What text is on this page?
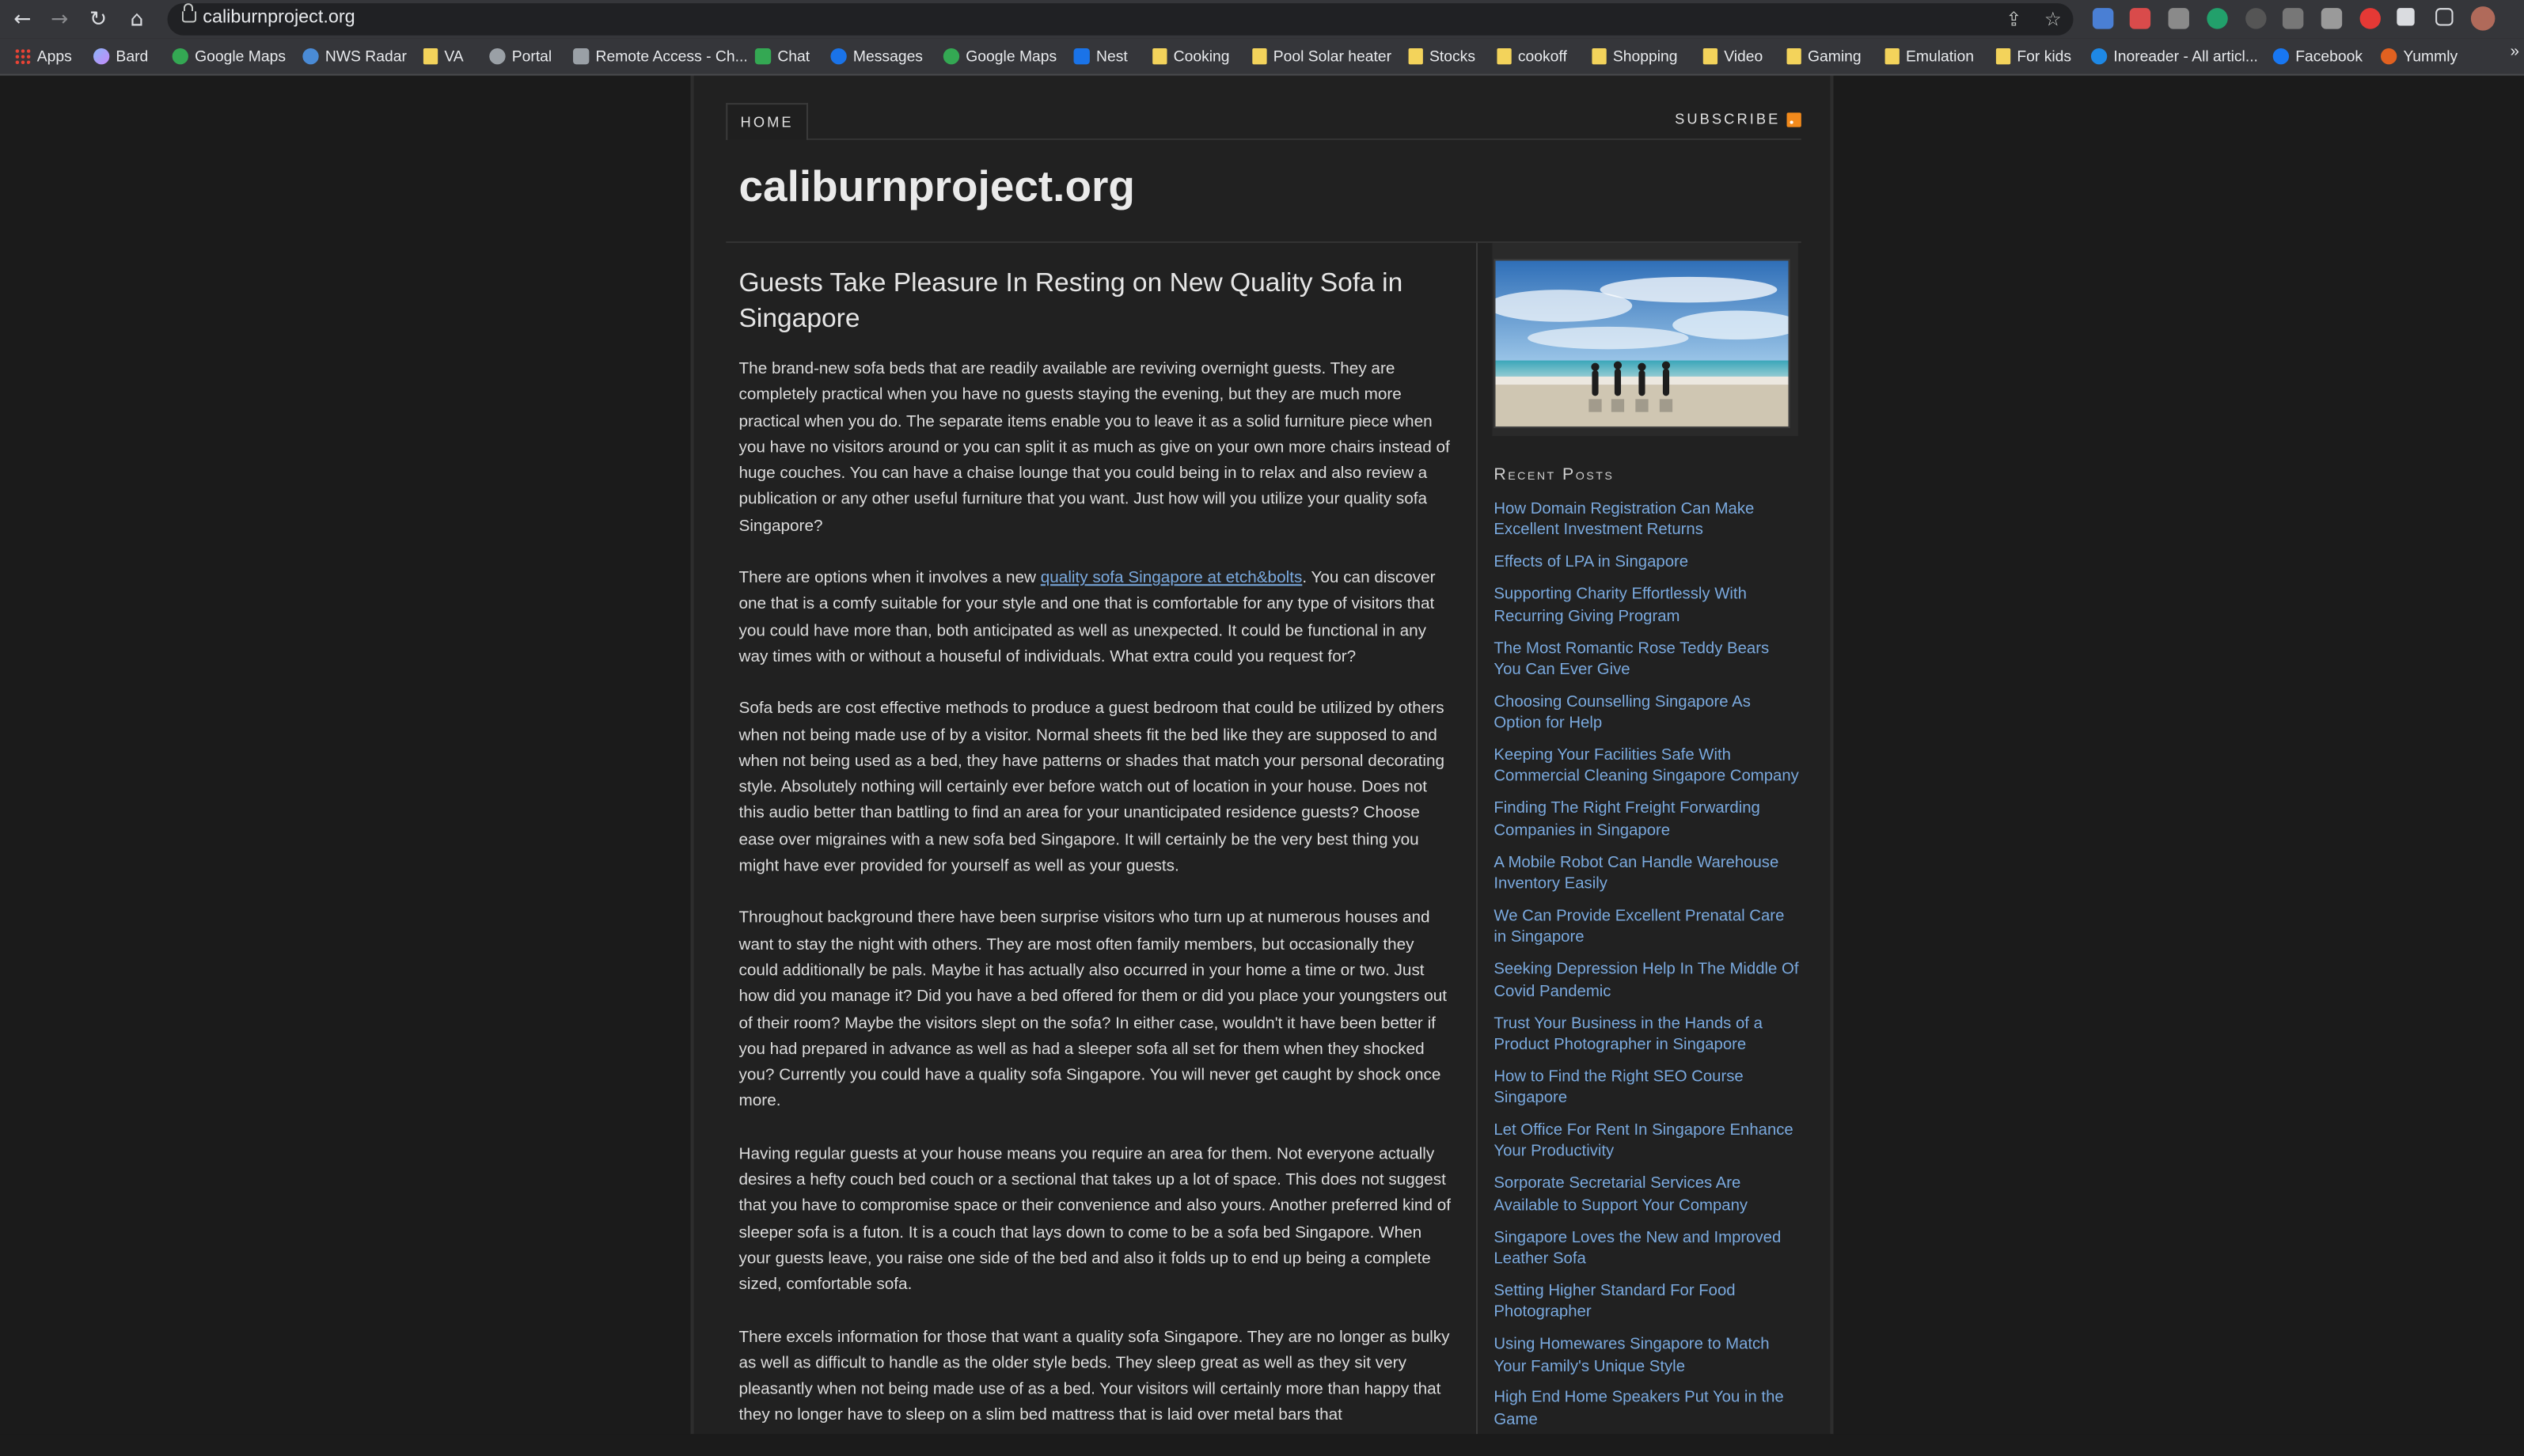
←	→	↻	⌂	caliburnproject.org	⇪ ☆
Apps	Bard	Google Maps	NWS Radar	VA	Portal	Remote Access - Ch...	Chat	Messages	Google Maps	Nest	Cooking	Pool Solar heater	Stocks	cookoff	Shopping	Video	Gaming	Emulation	For kids	Inoreader - All articl...	Facebook	Yummly	»
HOME	SUBSCRIBE
caliburnproject.org
Guests Take Pleasure In Resting on New Quality Sofa in Singapore

The brand-new sofa beds that are readily available are reviving overnight guests. They are completely practical when you have no guests staying the evening, but they are much more practical when you do. The separate items enable you to leave it as a solid furniture piece when you have no visitors around or you can split it as much as give on your own more chairs instead of huge couches. You can have a chaise lounge that you could being in to relax and also review a publication or any other useful furniture that you want. Just how will you utilize your quality sofa Singapore?

There are options when it involves a new quality sofa Singapore at etch&bolts. You can discover one that is a comfy suitable for your style and one that is comfortable for any type of visitors that you could have more than, both anticipated as well as unexpected. It could be functional in any way times with or without a houseful of individuals. What extra could you request for?

Sofa beds are cost effective methods to produce a guest bedroom that could be utilized by others when not being made use of by a visitor. Normal sheets fit the bed like they are supposed to and when not being used as a bed, they have patterns or shades that match your personal decorating style. Absolutely nothing will certainly ever before watch out of location in your house. Does not this audio better than battling to find an area for your unanticipated residence guests? Choose ease over migraines with a new sofa bed Singapore. It will certainly be the very best thing you might have ever provided for yourself as well as your guests.

Throughout background there have been surprise visitors who turn up at numerous houses and want to stay the night with others. They are most often family members, but occasionally they could additionally be pals. Maybe it has actually also occurred in your home a time or two. Just how did you manage it? Did you have a bed offered for them or did you place your youngsters out of their room? Maybe the visitors slept on the sofa? In either case, wouldn't it have been better if you had prepared in advance as well as had a sleeper sofa all set for them when they shocked you? Currently you could have a quality sofa Singapore. You will never get caught by shock once more.

Having regular guests at your house means you require an area for them. Not everyone actually desires a hefty couch bed couch or a sectional that takes up a lot of space. This does not suggest that you have to compromise space or their convenience and also yours. Another preferred kind of sleeper sofa is a futon. It is a couch that lays down to come to be a sofa bed Singapore. When your guests leave, you raise one side of the bed and also it folds up to end up being a complete sized, comfortable sofa.

There excels information for those that want a quality sofa Singapore. They are no longer as bulky as well as difficult to handle as the older style beds. They sleep great as well as they sit very pleasantly when not being made use of as a bed. Your visitors will certainly more than happy that they no longer have to sleep on a slim bed mattress that is laid over metal bars that

Recent Posts
How Domain Registration Can Make Excellent Investment Returns
Effects of LPA in Singapore
Supporting Charity Effortlessly With Recurring Giving Program
The Most Romantic Rose Teddy Bears You Can Ever Give
Choosing Counselling Singapore As Option for Help
Keeping Your Facilities Safe With Commercial Cleaning Singapore Company
Finding The Right Freight Forwarding Companies in Singapore
A Mobile Robot Can Handle Warehouse Inventory Easily
We Can Provide Excellent Prenatal Care in Singapore
Seeking Depression Help In The Middle Of Covid Pandemic
Trust Your Business in the Hands of a Product Photographer in Singapore
How to Find the Right SEO Course Singapore
Let Office For Rent In Singapore Enhance Your Productivity
Sorporate Secretarial Services Are Available to Support Your Company
Singapore Loves the New and Improved Leather Sofa
Setting Higher Standard For Food Photographer
Using Homewares Singapore to Match Your Family's Unique Style
High End Home Speakers Put You in the Game
